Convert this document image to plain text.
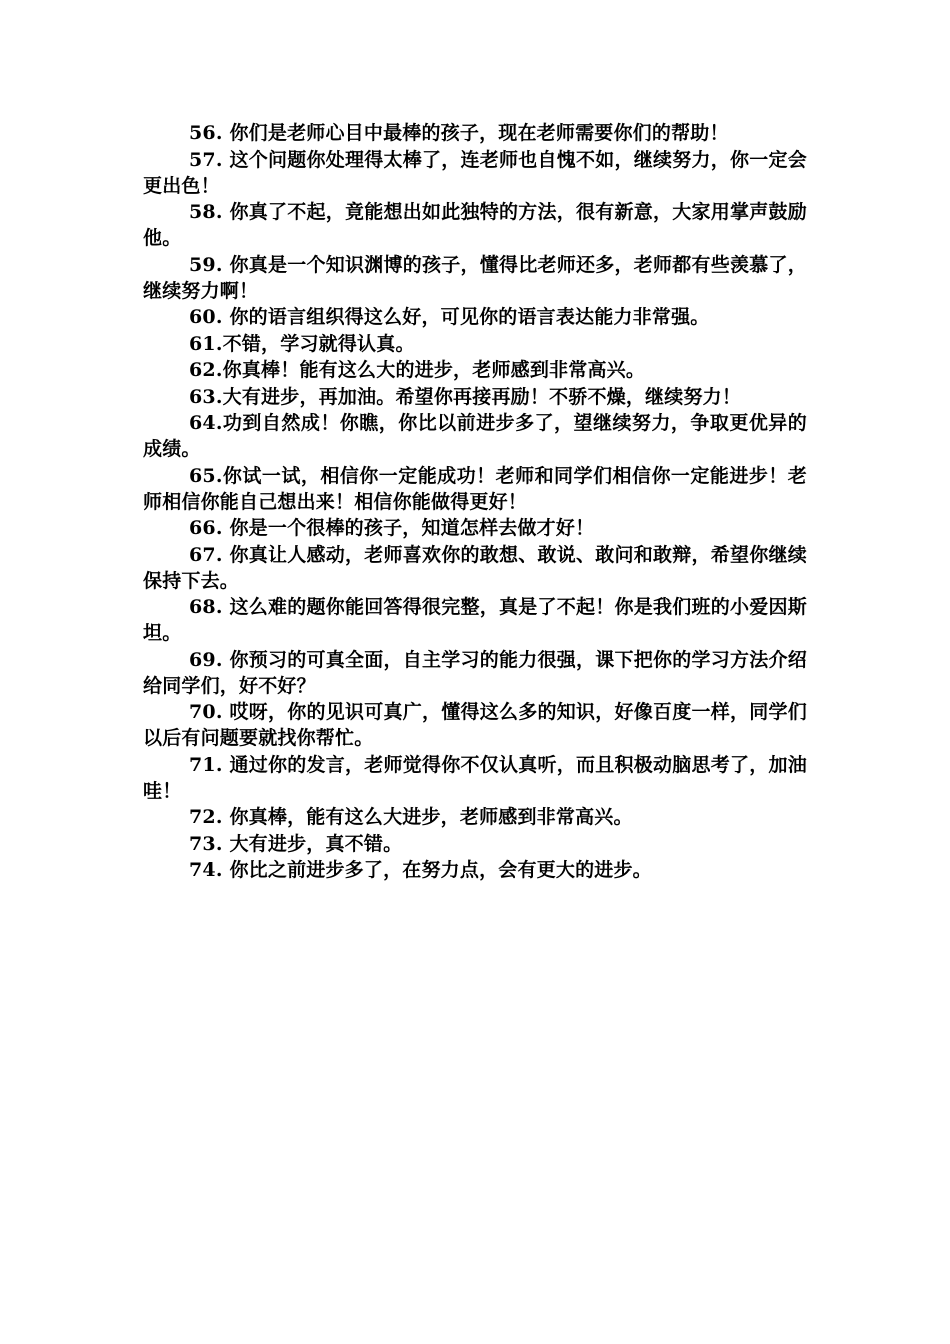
56. 你们是老师心目中最棒的孩子，现在老师需要你们的帮助！

57. 这个问题你处理得太棒了，连老师也自愧不如，继续努力，你一定会更出色！

58. 你真了不起，竟能想出如此独特的方法，很有新意，大家用掌声鼓励他。

59. 你真是一个知识渊博的孩子，懂得比老师还多，老师都有些羡慕了，继续努力啊！

60. 你的语言组织得这么好，可见你的语言表达能力非常强。

61.不错，学习就得认真。

62.你真棒！能有这么大的进步，老师感到非常高兴。

63.大有进步，再加油。希望你再接再励！不骄不燥，继续努力！

64.功到自然成！你瞧，你比以前进步多了，望继续努力，争取更优异的成绩。

65.你试一试，相信你一定能成功！老师和同学们相信你一定能进步！老师相信你能自己想出来！相信你能做得更好！

66. 你是一个很棒的孩子，知道怎样去做才好！

67. 你真让人感动，老师喜欢你的敢想、敢说、敢问和敢辩，希望你继续保持下去。

68. 这么难的题你能回答得很完整，真是了不起！你是我们班的小爱因斯坦。

69. 你预习的可真全面，自主学习的能力很强，课下把你的学习方法介绍给同学们，好不好？

70. 哎呀，你的见识可真广，懂得这么多的知识，好像百度一样，同学们以后有问题要就找你帮忙。

71. 通过你的发言，老师觉得你不仅认真听，而且积极动脑思考了，加油哇！

72. 你真棒，能有这么大进步，老师感到非常高兴。

73. 大有进步，真不错。

74. 你比之前进步多了，在努力点，会有更大的进步。
